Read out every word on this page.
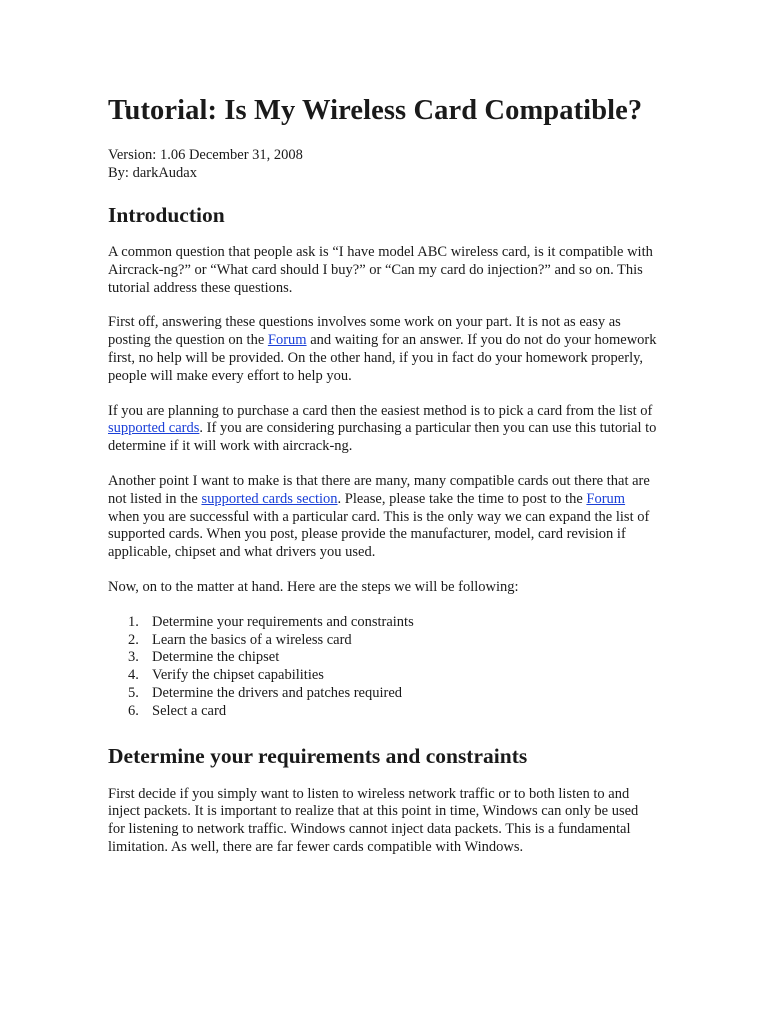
Tutorial: Is My Wireless Card Compatible?
Version: 1.06 December 31, 2008
By: darkAudax
Introduction

A common question that people ask is “I have model ABC wireless card, is it compatible with Aircrack-ng?” or “What card should I buy?” or “Can my card do injection?” and so on. This tutorial address these questions.

First off, answering these questions involves some work on your part. It is not as easy as posting the question on the Forum and waiting for an answer. If you do not do your homework first, no help will be provided. On the other hand, if you in fact do your homework properly, people will make every effort to help you.

If you are planning to purchase a card then the easiest method is to pick a card from the list of supported cards. If you are considering purchasing a particular then you can use this tutorial to determine if it will work with aircrack-ng.

Another point I want to make is that there are many, many compatible cards out there that are not listed in the supported cards section. Please, please take the time to post to the Forum when you are successful with a particular card. This is the only way we can expand the list of supported cards. When you post, please provide the manufacturer, model, card revision if applicable, chipset and what drivers you used.

Now, on to the matter at hand. Here are the steps we will be following:

1. Determine your requirements and constraints
2. Learn the basics of a wireless card
3. Determine the chipset
4. Verify the chipset capabilities
5. Determine the drivers and patches required
6. Select a card
Determine your requirements and constraints

First decide if you simply want to listen to wireless network traffic or to both listen to and inject packets. It is important to realize that at this point in time, Windows can only be used for listening to network traffic. Windows cannot inject data packets. This is a fundamental limitation. As well, there are far fewer cards compatible with Windows.
